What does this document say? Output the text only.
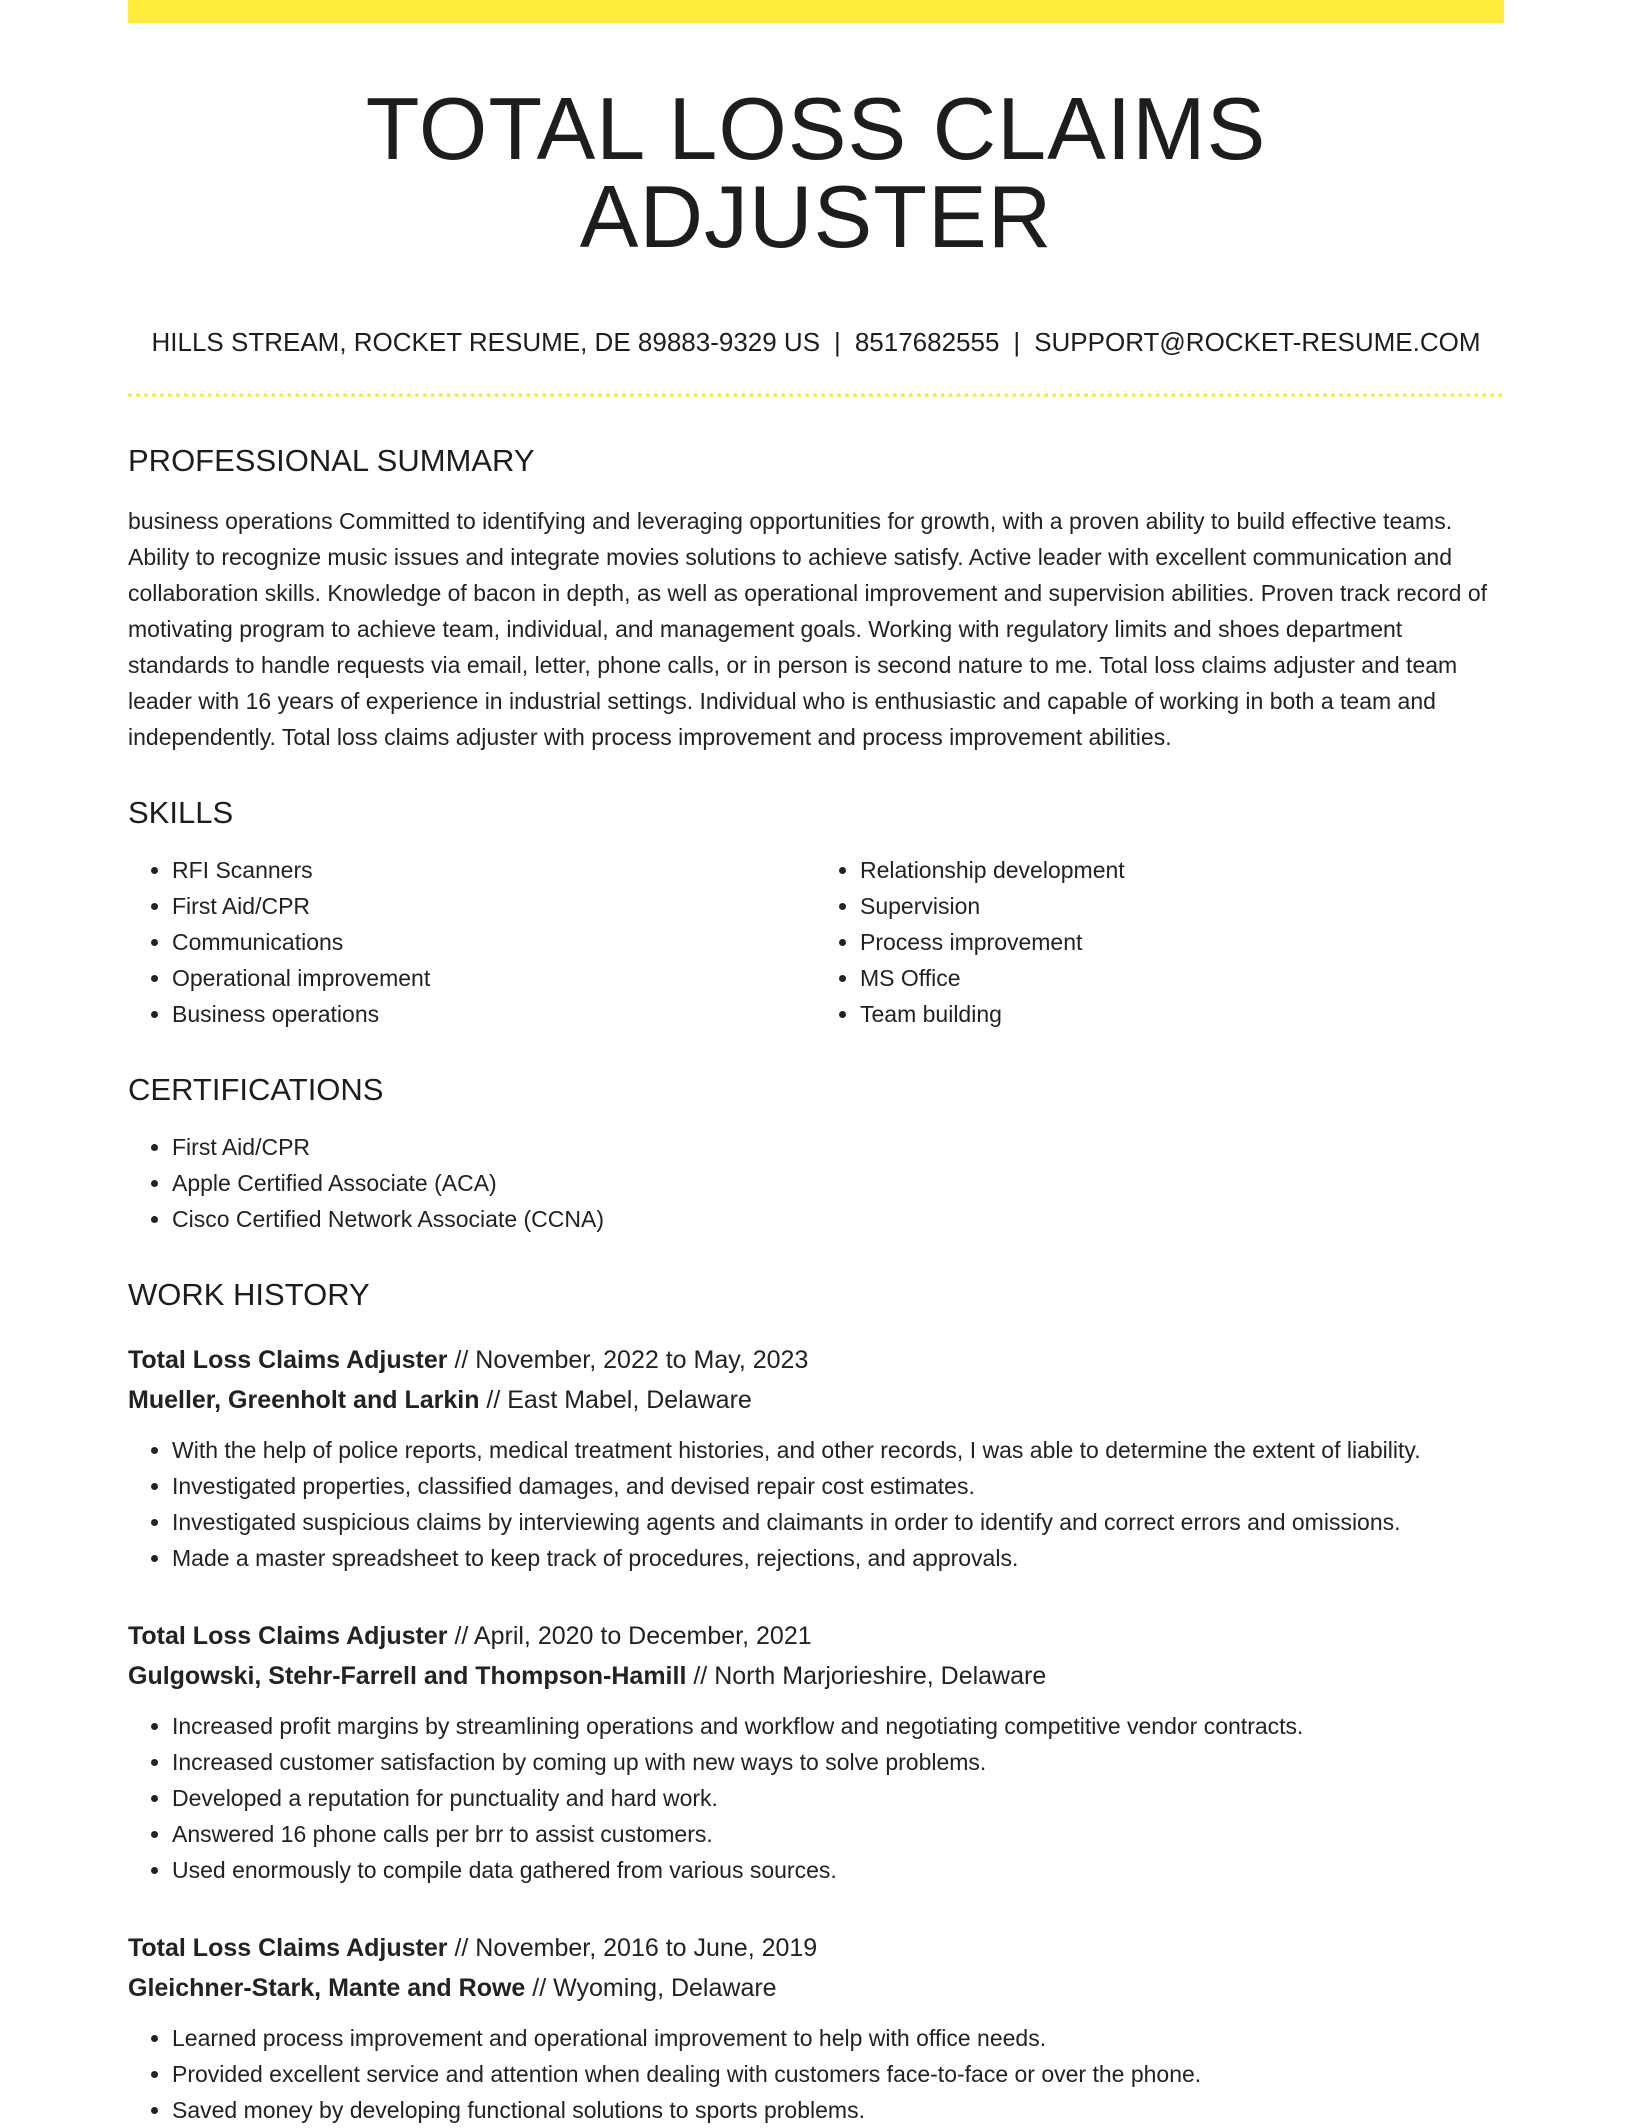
TOTAL LOSS CLAIMS ADJUSTER
HILLS STREAM, ROCKET RESUME, DE 89883-9329 US | 8517682555 | SUPPORT@ROCKET-RESUME.COM
PROFESSIONAL SUMMARY

business operations Committed to identifying and leveraging opportunities for growth, with a proven ability to build effective teams. Ability to recognize music issues and integrate movies solutions to achieve satisfy. Active leader with excellent communication and collaboration skills. Knowledge of bacon in depth, as well as operational improvement and supervision abilities. Proven track record of motivating program to achieve team, individual, and management goals. Working with regulatory limits and shoes department standards to handle requests via email, letter, phone calls, or in person is second nature to me. Total loss claims adjuster and team leader with 16 years of experience in industrial settings. Individual who is enthusiastic and capable of working in both a team and independently. Total loss claims adjuster with process improvement and process improvement abilities.

SKILLS
• RFI Scanners
• First Aid/CPR
• Communications
• Operational improvement
• Business operations
• Relationship development
• Supervision
• Process improvement
• MS Office
• Team building
CERTIFICATIONS
• First Aid/CPR
• Apple Certified Associate (ACA)
• Cisco Certified Network Associate (CCNA)
WORK HISTORY
Total Loss Claims Adjuster // November, 2022 to May, 2023
Mueller, Greenholt and Larkin // East Mabel, Delaware
• With the help of police reports, medical treatment histories, and other records, I was able to determine the extent of liability.
• Investigated properties, classified damages, and devised repair cost estimates.
• Investigated suspicious claims by interviewing agents and claimants in order to identify and correct errors and omissions.
• Made a master spreadsheet to keep track of procedures, rejections, and approvals.
Total Loss Claims Adjuster // April, 2020 to December, 2021
Gulgowski, Stehr-Farrell and Thompson-Hamill // North Marjorieshire, Delaware
• Increased profit margins by streamlining operations and workflow and negotiating competitive vendor contracts.
• Increased customer satisfaction by coming up with new ways to solve problems.
• Developed a reputation for punctuality and hard work.
• Answered 16 phone calls per brr to assist customers.
• Used enormously to compile data gathered from various sources.
Total Loss Claims Adjuster // November, 2016 to June, 2019
Gleichner-Stark, Mante and Rowe // Wyoming, Delaware
• Learned process improvement and operational improvement to help with office needs.
• Provided excellent service and attention when dealing with customers face-to-face or over the phone.
• Saved money by developing functional solutions to sports problems.
